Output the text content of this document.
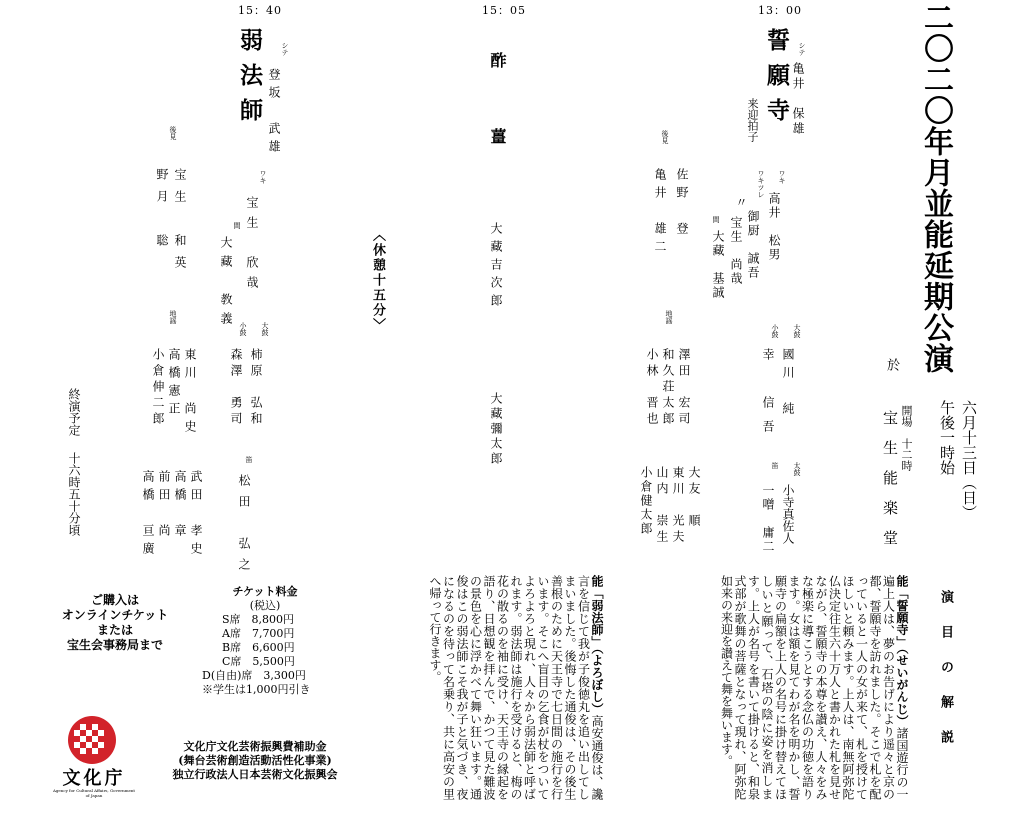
二〇二〇年月並能延期公演
六月十三日（日）
午後一時始
開場　十二時
於
宝生能楽堂
演目の解説
13：00
誓願寺	シテ
亀井　保雄
来迎拍子
ワキ
高井　松男
ワキツレ
御厨　誠吾
〃
宝生　尚哉
間
大藏　基誠
後見
佐野　登
亀井　雄二
大鼓
國川　純
小鼓
幸　信吾
太鼓
小寺真佐人
笛
一噌　庸二
地謡
澤田　宏司
和久荘太郎
小林　晋也
大友　順
東川　光夫
小倉健太郎 山内　崇生
15：05
酢薑
大藏吉次郎
大藏彌太郎
〈休憩十五分〉
15：40
弱法師	シテ
登坂　武雄
ワキ
宝生　欣哉
間
大藏　教義
後見
宝生　和英
野月　聡
大鼓
柿原　弘和
小鼓
森澤　勇司
笛
松田　弘之
地謡
東川　尚史
高橋憲正
小倉伸二郎
武田　孝史
高橋　章
前田　尚
高橋　亘廣
終演予定
十六時五十分頃
チケット料金
(税込)
S席　8,800円
A席　7,700円
B席　6,600円
C席　5,500円
D(自由)席　3,300円
※学生は1,000円引き
ご購入は
オンラインチケット
または
宝生会事務局まで
文化庁
Agency for Cultural Affairs, Government of Japan
文化庁文化芸術振興費補助金
(舞台芸術創造活動活性化事業)
独立行政法人日本芸術文化振興会
能「誓願寺」（せいがんじ）諸国遊行の一遍上人は、夢のお告げにより遥々と京の都、誓願寺を訪れました。そこで札を配っていると一人の女が来て、札を授けてほしいと頼みます。上人は、南無阿弥陀仏決定往生六十万人と書かれた札を見せながら、誓願寺の本尊を讃え、人々をみな極楽に導こうとする念仏の功徳を語ります。女は額を見てわが名を明かし、誓願寺の扁額を上人の名号に掛け替えてほしいと願って、石塔の陰に姿を消します。上人が名号を書いて掛けると、和泉式部が歌舞の菩薩となって現れ、阿弥陀如来の来迎を讃えて舞を舞います。
能「弱法師」（よろぼし）高安通俊は、讒言を信じて我が子俊徳丸を追い出してしまいました。後悔した通俊は、その後生善根のために天王寺で七日間の施行を行います。そこへ盲目の乞食が杖をついてよろよろと現れ、人々から弱法師と呼ばれます。弱法師は施行を受けると、梅の花の散るのを袖に受け、天王寺の縁起を語り、日想観を拝んで、かつて見た難波の景色を心に浮かべて舞い狂います。通俊はこの弱法師こそ我が子と気づき、夜になるのを待って名乗り、共に高安の里へ帰って行きます。
